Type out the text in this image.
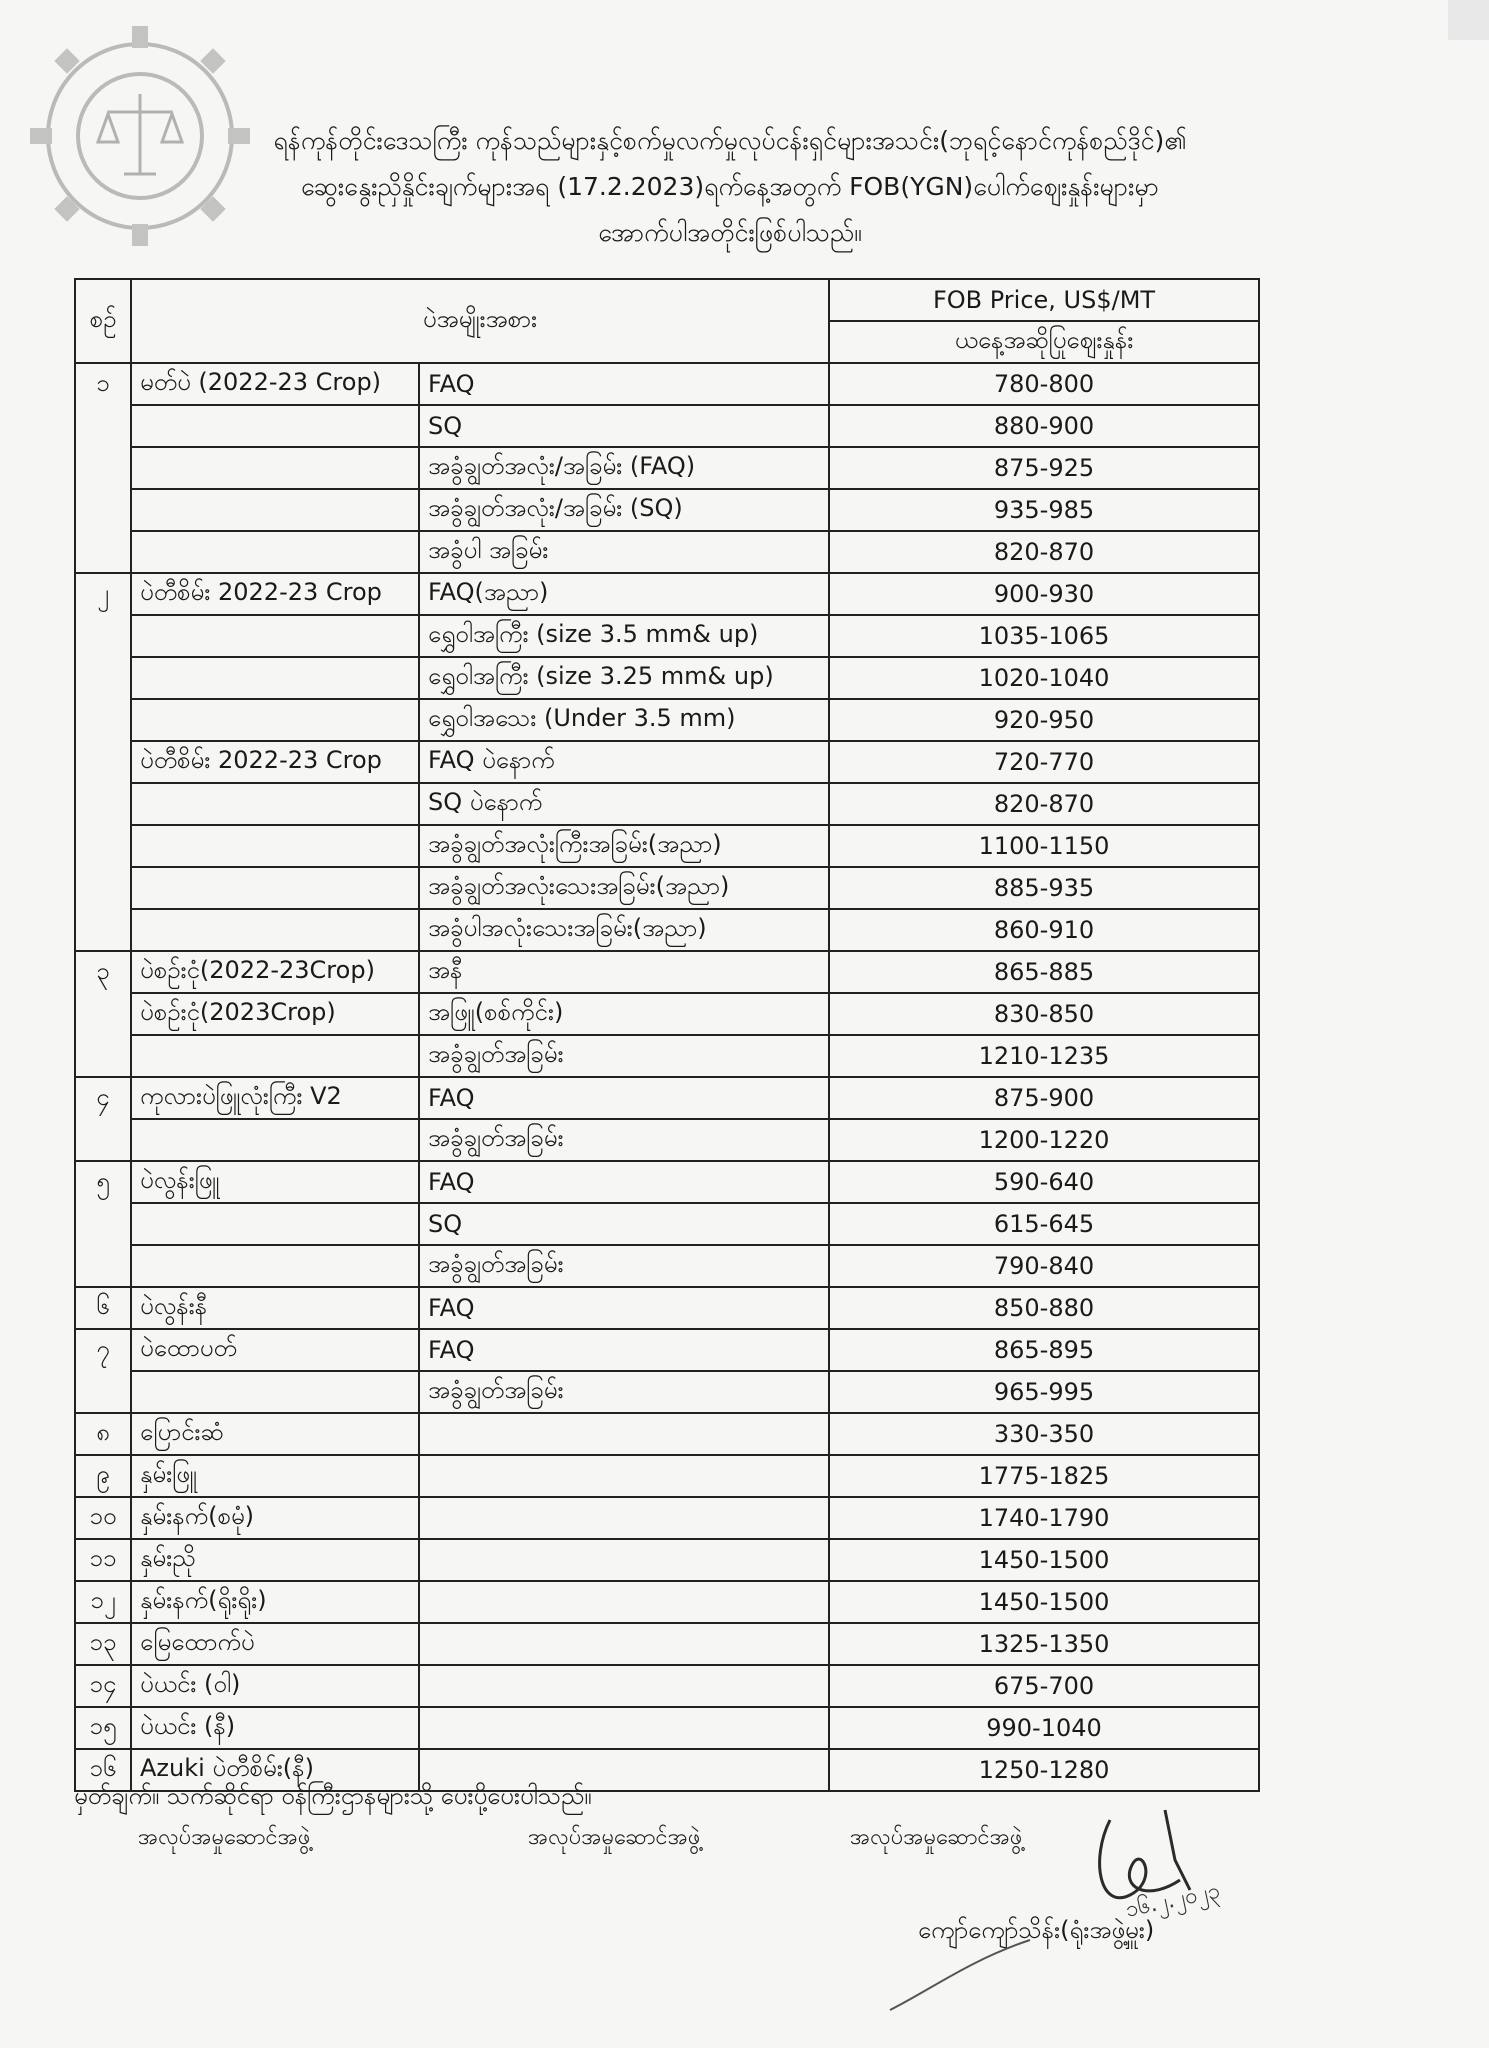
ရန်ကုန်တိုင်းဒေသကြီး ကုန်သည်များနှင့်စက်မှုလက်မှုလုပ်ငန်းရှင်များအသင်း(ဘုရင့်နောင်ကုန်စည်ဒိုင်)၏
ဆွေးနွေးညှိနှိုင်းချက်များအရ (17.2.2023)ရက်နေ့အတွက် FOB(YGN)ပေါက်ဈေးနှုန်းများမှာ
အောက်ပါအတိုင်းဖြစ်ပါသည်။
စဉ်	ပဲအမျိုးအစား		FOB Price, US$/MT
			ယနေ့အဆိုပြုဈေးနှုန်း
၁	မတ်ပဲ (2022-23 Crop)	FAQ	780-800
		SQ	880-900
		အခွံချွတ်အလုံး/အခြမ်း (FAQ)	875-925
		အခွံချွတ်အလုံး/အခြမ်း (SQ)	935-985
		အခွံပါ အခြမ်း	820-870
၂	ပဲတီစိမ်း 2022-23 Crop	FAQ(အညာ)	900-930
		ရွှေဝါအကြီး (size 3.5 mm& up)	1035-1065
		ရွှေဝါအကြီး (size 3.25 mm& up)	1020-1040
		ရွှေဝါအသေး (Under 3.5 mm)	920-950
	ပဲတီစိမ်း 2022-23 Crop	FAQ ပဲနောက်	720-770
		SQ ပဲနောက်	820-870
		အခွံချွတ်အလုံးကြီးအခြမ်း(အညာ)	1100-1150
		အခွံချွတ်အလုံးသေးအခြမ်း(အညာ)	885-935
		အခွံပါအလုံးသေးအခြမ်း(အညာ)	860-910
၃	ပဲစဉ်းငုံ(2022-23Crop)	အနီ	865-885
	ပဲစဉ်းငုံ(2023Crop)	အဖြူ(စစ်ကိုင်း)	830-850
		အခွံချွတ်အခြမ်း	1210-1235
၄	ကုလားပဲဖြူလုံးကြီး V2	FAQ	875-900
		အခွံချွတ်အခြမ်း	1200-1220
၅	ပဲလွန်းဖြူ	FAQ	590-640
		SQ	615-645
		အခွံချွတ်အခြမ်း	790-840
၆	ပဲလွန်းနီ	FAQ	850-880
၇	ပဲထောပတ်	FAQ	865-895
		အခွံချွတ်အခြမ်း	965-995
၈	ပြောင်းဆံ		330-350
၉	နှမ်းဖြူ		1775-1825
၁၀	နှမ်းနက်(စမုံ)		1740-1790
၁၁	နှမ်းညို		1450-1500
၁၂	နှမ်းနက်(ရိုးရိုး)		1450-1500
၁၃	မြေထောက်ပဲ		1325-1350
၁၄	ပဲယင်း (ဝါ)		675-700
၁၅	ပဲယင်း (နီ)		990-1040
၁၆	Azuki ပဲတီစိမ်း(နီ)		1250-1280
မှတ်ချက်။ သက်ဆိုင်ရာ ဝန်ကြီးဌာနများသို့ ပေးပို့ပေးပါသည်။
အလုပ်အမှုဆောင်အဖွဲ့	အလုပ်အမှုဆောင်အဖွဲ့	အလုပ်အမှုဆောင်အဖွဲ့
၁၆.၂.၂၀၂၃
ကျော်ကျော်သိန်း(ရုံးအဖွဲ့မှူး)
